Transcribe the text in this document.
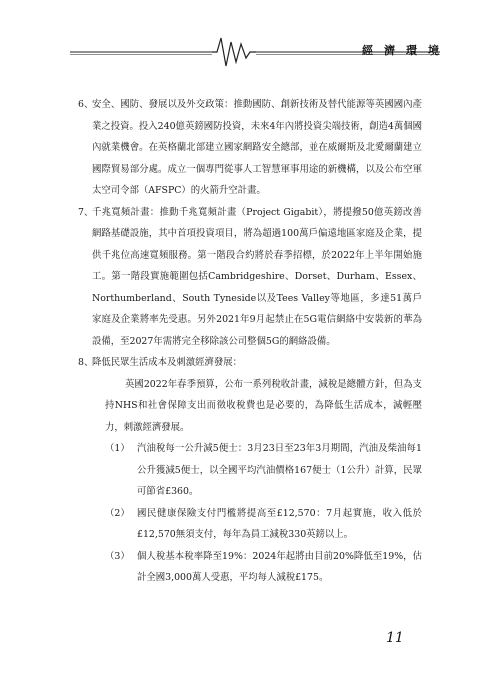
經濟環境
6、
安全、國防、發展以及外交政策：推動國防、創新技術及替代能源等英國國內產業之投資。投入240億英鎊國防投資，未來4年內將投資尖端技術，創造4萬個國內就業機會。在英格蘭北部建立國家網路安全總部，並在威爾斯及北愛爾蘭建立國際貿易部分處。成立一個專門從事人工智慧軍事用途的新機構，以及公布空軍太空司令部（AFSPC）的火箭升空計畫。
7、
千兆寬頻計畫：推動千兆寬頻計畫（Project Gigabit），將提撥50億英鎊改善網路基礎設施，其中首項投資項目，將為超過100萬戶偏遠地區家庭及企業，提供千兆位高速寬頻服務。第一階段合約將於春季招標，於2022年上半年開始施工。第一階段實施範圍包括Cambridgeshire、Dorset、Durham、Essex、Northumberland、South Tyneside以及Tees Valley等地區，多達51萬戶家庭及企業將率先受惠。另外2021年9月起禁止在5G電信網絡中安裝新的華為設備，至2027年需將完全移除該公司整個5G的網絡設備。
8、
降低民眾生活成本及刺激經濟發展：
英國2022年春季預算，公布一系列稅收計畫，減稅是總體方針，但為支持NHS和社會保障支出而徵收稅費也是必要的，為降低生活成本，減輕壓力，刺激經濟發展。
（1） 汽油稅每一公升減5便士：3月23日至23年3月期間，汽油及柴油每1公升獲減5便士，以全國平均汽油價格167便士（1公升）計算，民眾可節省£360。
（2） 國民健康保險支付門檻將提高至£12,570：7月起實施，收入低於£12,570無須支付，每年為員工減稅330英鎊以上。
（3） 個人稅基本稅率降至19%：2024年起將由目前20%降低至19%，估計全國3,000萬人受惠，平均每人減稅£175。
11
